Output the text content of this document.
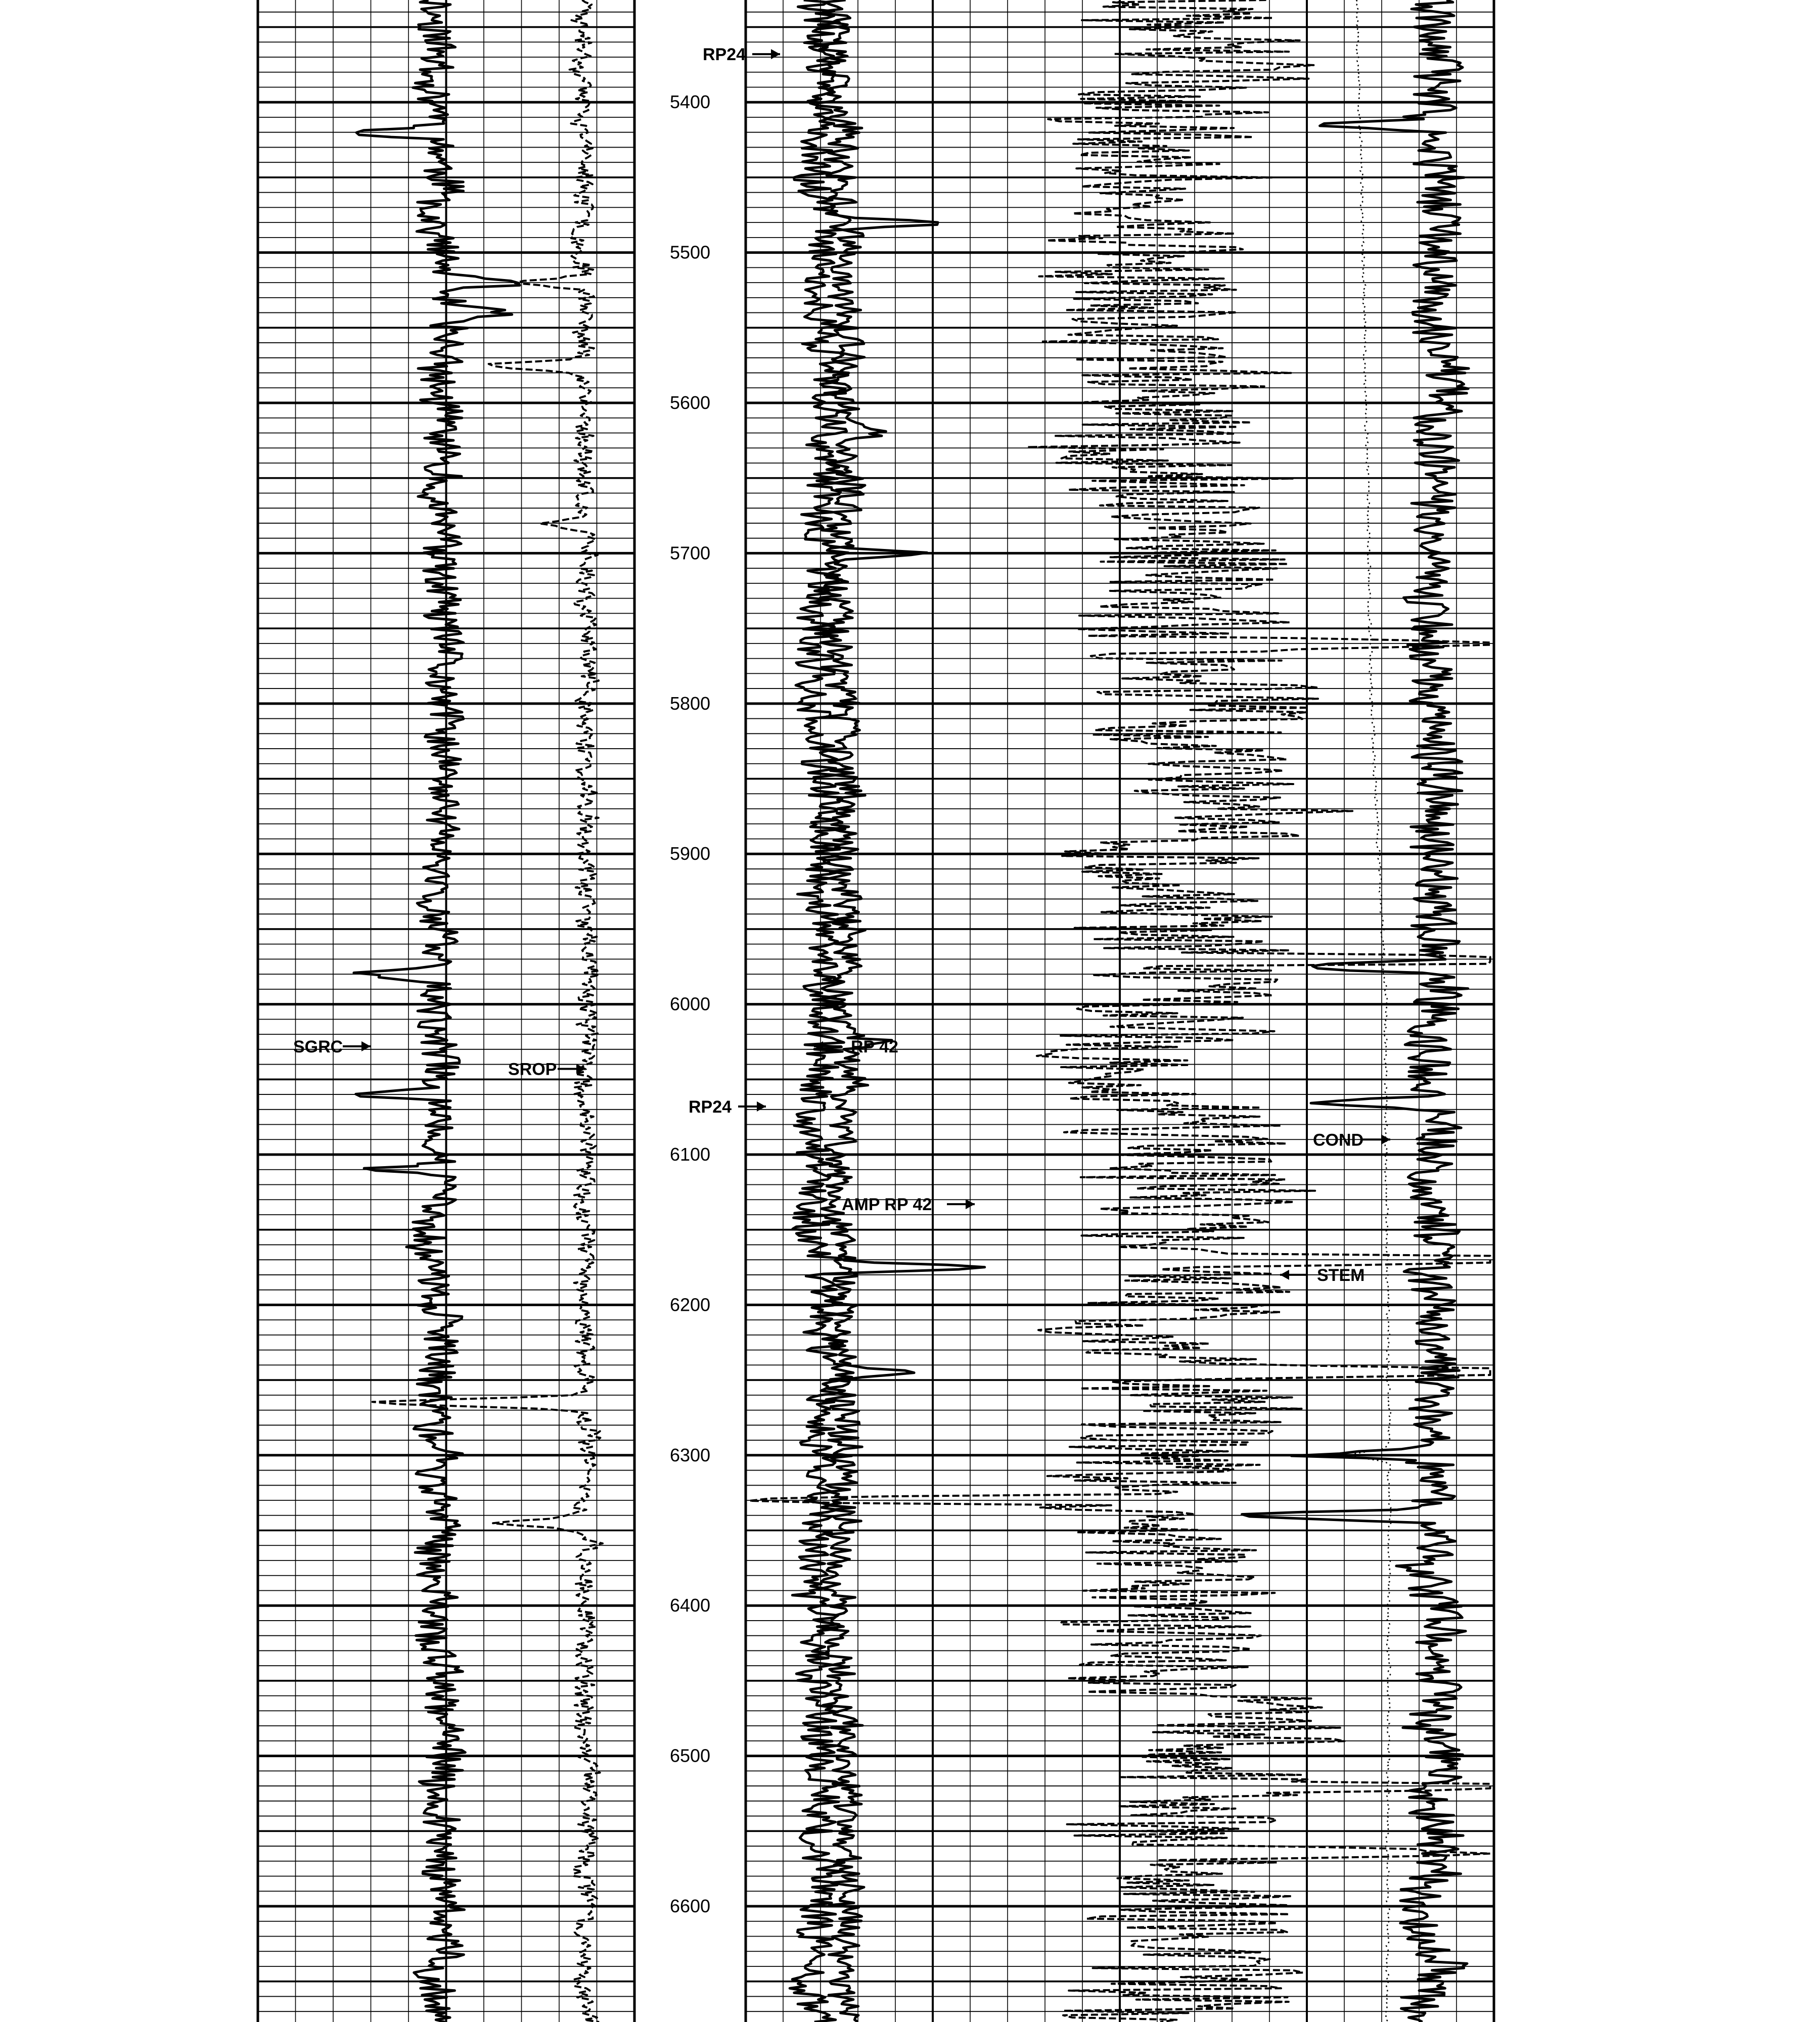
5400
5500
5600
5700
5800
5900
6000
6100
6200
6300
6400
6500
6600
SGRC
SROP
RP24
RP 42
RP24
COND
AMP RP 42
STEM
